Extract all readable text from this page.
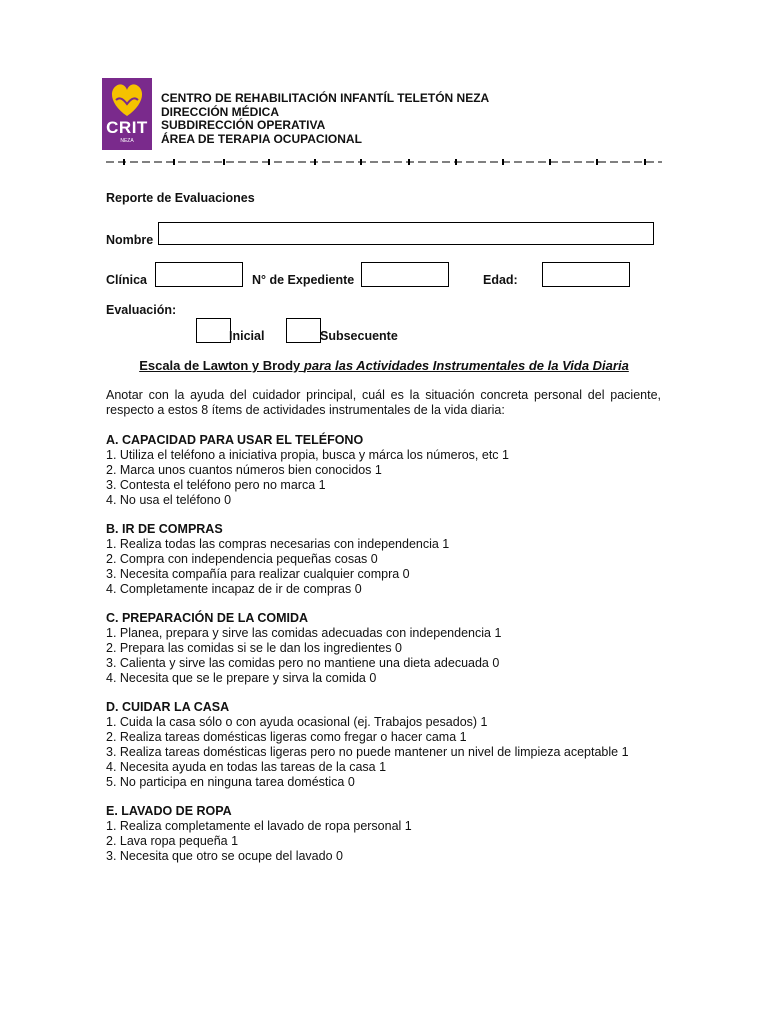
CRIT
NEZA
CENTRO DE REHABILITACIÓN INFANTÍL TELETÓN NEZA
DIRECCIÓN MÉDICA
SUBDIRECCIÓN OPERATIVA
ÁREA DE TERAPIA OCUPACIONAL
Reporte de Evaluaciones
Nombre
Clínica	N° de Expediente	Edad:
Evaluación:
Inicial	Subsecuente
Escala de Lawton y Brody para las Actividades Instrumentales de la Vida Diaria
Anotar con la ayuda del cuidador principal, cuál es la situación concreta personal del paciente, respecto a estos 8 ítems de actividades instrumentales de la vida diaria:
A. CAPACIDAD PARA USAR EL TELÉFONO
1. Utiliza el teléfono a iniciativa propia, busca y márca los números, etc 1
2. Marca unos cuantos números bien conocidos 1
3. Contesta el teléfono pero no marca 1
4. No usa el teléfono 0
B. IR DE COMPRAS
1. Realiza todas las compras necesarias con independencia 1
2. Compra con independencia pequeñas cosas 0
3. Necesita compañía para realizar cualquier compra 0
4. Completamente incapaz de ir de compras 0
C. PREPARACIÓN DE LA COMIDA
1. Planea, prepara y sirve las comidas adecuadas con independencia 1
2. Prepara las comidas si se le dan los ingredientes 0
3. Calienta y sirve las comidas pero no mantiene una dieta adecuada 0
4. Necesita que se le prepare y sirva la comida 0
D. CUIDAR LA CASA
1. Cuida la casa sólo o con ayuda ocasional (ej. Trabajos pesados) 1
2. Realiza tareas domésticas ligeras como fregar o hacer cama 1
3. Realiza tareas domésticas ligeras pero no puede mantener un nivel de limpieza aceptable 1
4. Necesita ayuda en todas las tareas de la casa 1
5. No participa en ninguna tarea doméstica 0
E. LAVADO DE ROPA
1. Realiza completamente el lavado de ropa personal 1
2. Lava ropa pequeña 1
3. Necesita que otro se ocupe del lavado 0
